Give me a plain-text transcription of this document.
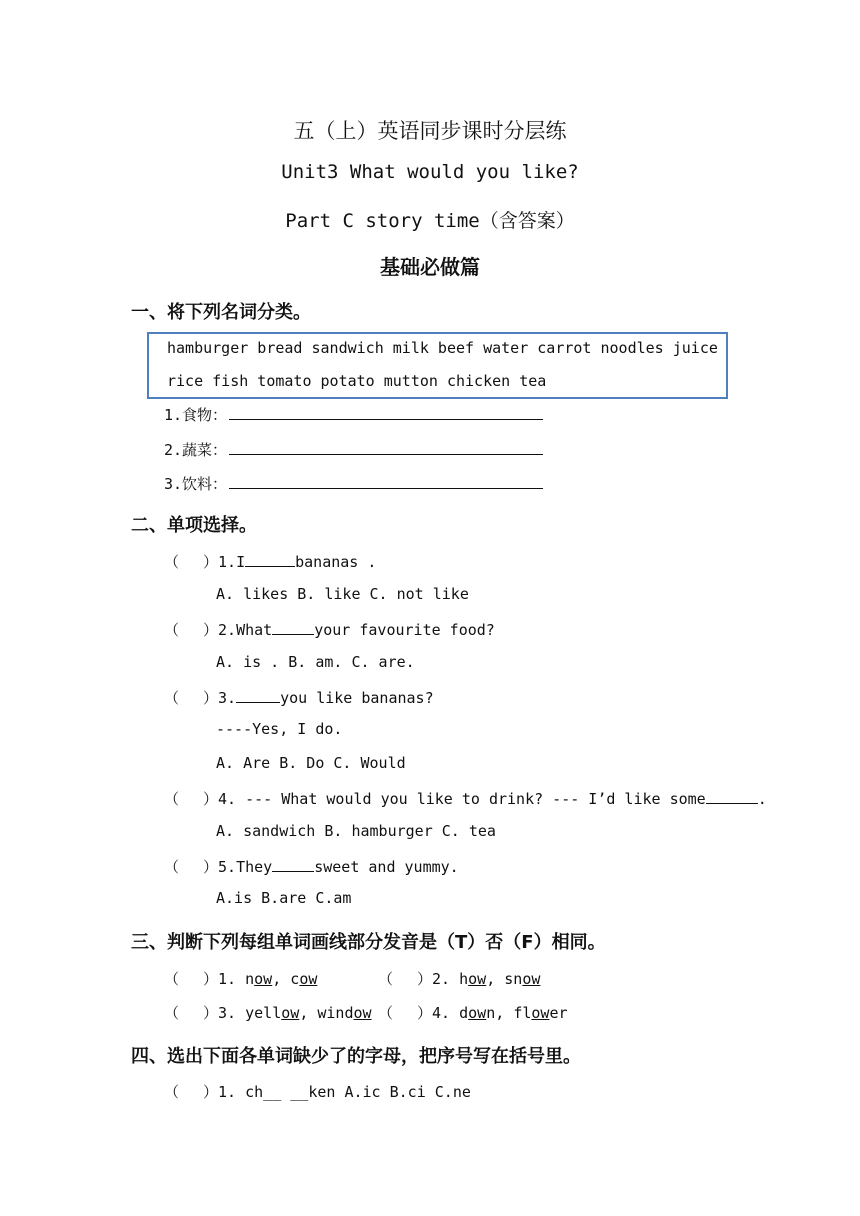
五（上）英语同步课时分层练
Unit3 What would you like?
Part C story time（含答案）
基础必做篇
一、将下列名词分类。
hamburger bread sandwich milk beef water carrot noodles juice
rice fish tomato potato mutton chicken tea
1.食物：
2.蔬菜：
3.饮料：
二、单项选择。
（　 ）1.I	bananas .
A. likes B. like C. not like
（　 ）2.What	your favourite food?
A. is . B. am. C. are.
（　 ）3.	you like bananas?
----Yes, I do.
A. Are B. Do C. Would
（　 ）4. --- What would you like to drink? --- I’d like some	.
A. sandwich B. hamburger C. tea
（　 ）5.They	sweet and yummy.
A.is B.are C.am
三、判断下列每组单词画线部分发音是（T）否（F）相同。
（　 ）1. now, cow	（　 ）2. how, snow
（　 ）3. yellow, window （　 ）4. down, flower
四、选出下面各单词缺少了的字母，把序号写在括号里。
（　 ）1. ch__ __ken A.ic B.ci C.ne
